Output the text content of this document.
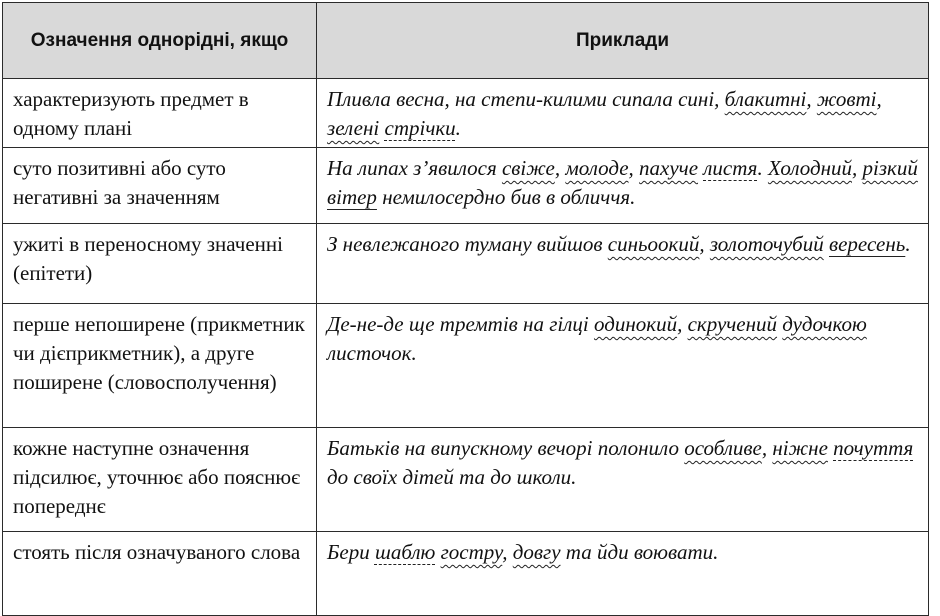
Означення однорідні, якщо	Приклади
характеризують предмет в одному плані	Пливла весна, на степи-килими сипала сині, блакитні, жовті, зелені стрічки.
суто позитивні або суто негативні за значенням	На липах з’явилося свіже, молоде, пахуче листя. Холодний, різкий вітер немилосердно бив в обличчя.
ужиті в переносному значенні (епітети)	З невлежаного туману вийшов синьоокий, золоточубий вересень.
перше непоширене (прикметник чи дієприкметник), а друге поширене (словосполучення)	Де-не-де ще тремтів на гілці одинокий, скручений дудочкою листочок.
кожне наступне означення підсилює, уточнює або пояснює попереднє	Батьків на випускному вечорі полонило особливе, ніжне почуття до своїх дітей та до школи.
стоять після означуваного слова	Бери шаблю гостру, довгу та йди воювати.
